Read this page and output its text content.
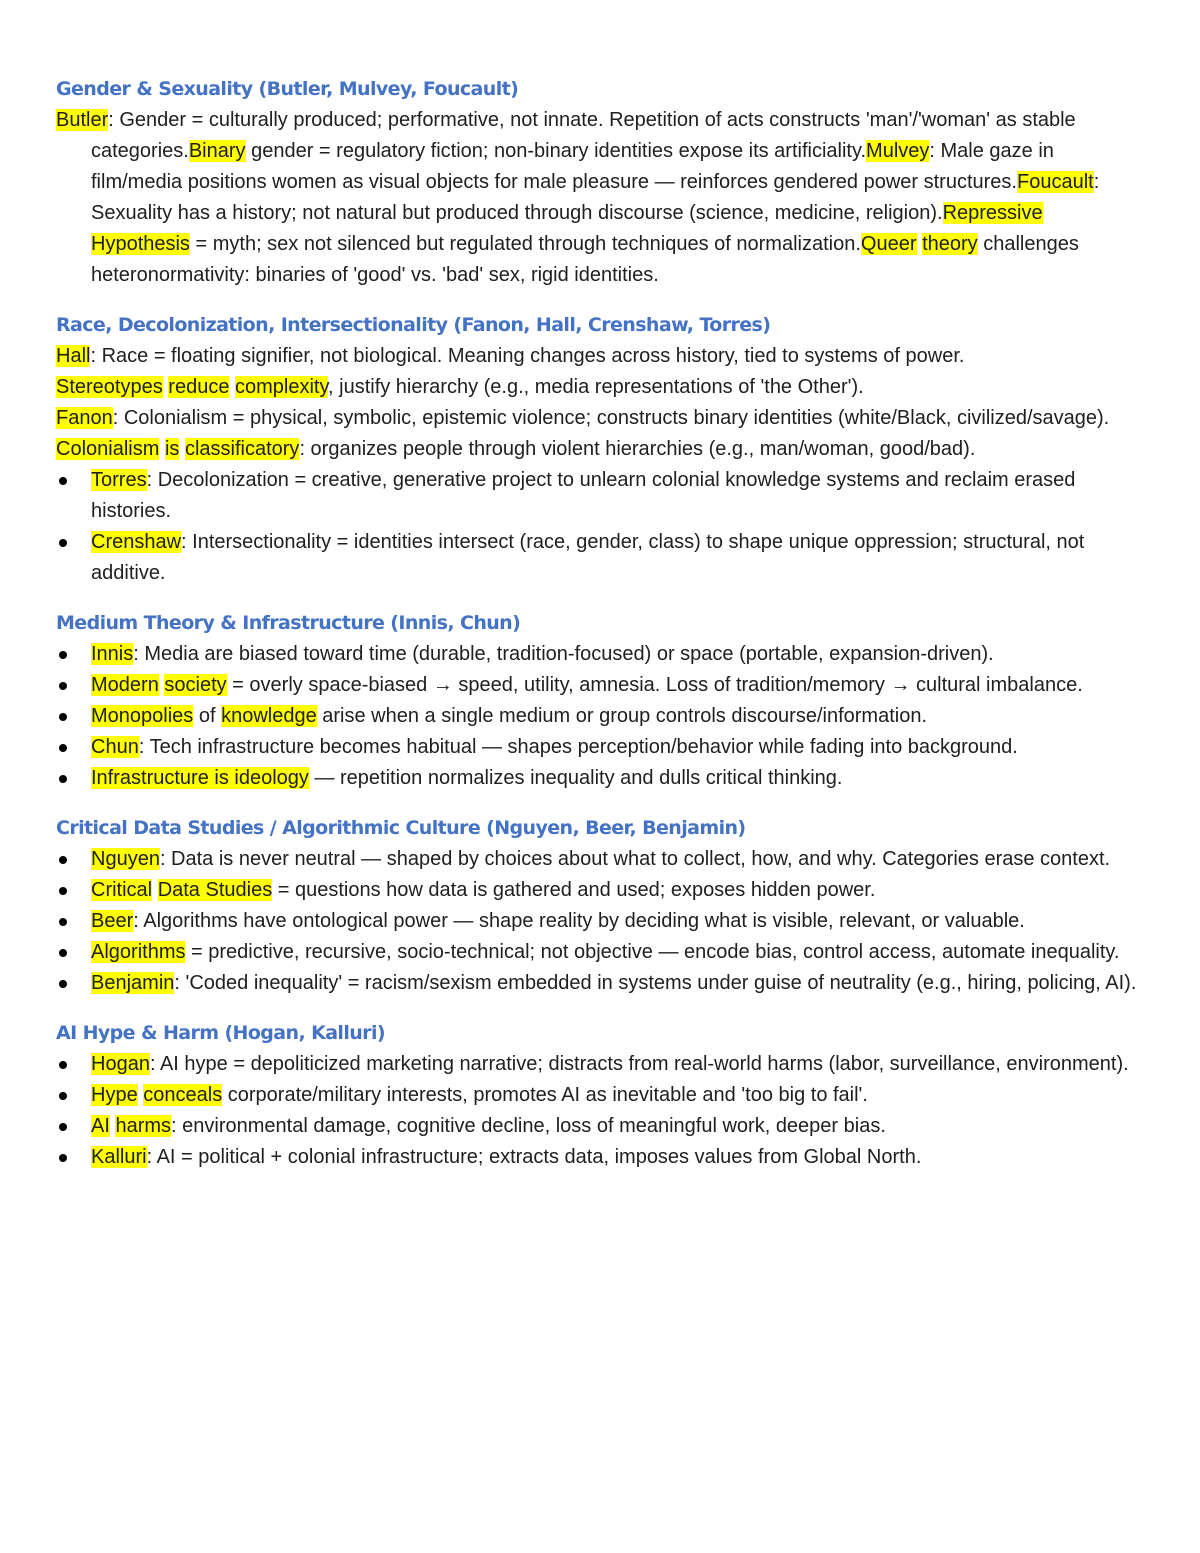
Gender & Sexuality (Butler, Mulvey, Foucault)

Butler: Gender = culturally produced; performative, not innate. Repetition of acts constructs 'man'/'woman' as stable categories.Binary gender = regulatory fiction; non-binary identities expose its artificiality.Mulvey: Male gaze in film/media positions women as visual objects for male pleasure — reinforces gendered power structures.Foucault: Sexuality has a history; not natural but produced through discourse (science, medicine, religion).Repressive Hypothesis = myth; sex not silenced but regulated through techniques of normalization.Queer theory challenges heteronormativity: binaries of 'good' vs. 'bad' sex, rigid identities.

Race, Decolonization, Intersectionality (Fanon, Hall, Crenshaw, Torres)

Hall: Race = floating signifier, not biological. Meaning changes across history, tied to systems of power.

Stereotypes reduce complexity, justify hierarchy (e.g., media representations of 'the Other').

Fanon: Colonialism = physical, symbolic, epistemic violence; constructs binary identities (white/Black, civilized/savage).

Colonialism is classificatory: organizes people through violent hierarchies (e.g., man/woman, good/bad).

Torres: Decolonization = creative, generative project to unlearn colonial knowledge systems and reclaim erased histories.
Crenshaw: Intersectionality = identities intersect (race, gender, class) to shape unique oppression; structural, not additive.
Medium Theory & Infrastructure (Innis, Chun)
Innis: Media are biased toward time (durable, tradition-focused) or space (portable, expansion-driven).
Modern society = overly space-biased → speed, utility, amnesia. Loss of tradition/memory → cultural imbalance.
Monopolies of knowledge arise when a single medium or group controls discourse/information.
Chun: Tech infrastructure becomes habitual — shapes perception/behavior while fading into background.
Infrastructure is ideology — repetition normalizes inequality and dulls critical thinking.
Critical Data Studies / Algorithmic Culture (Nguyen, Beer, Benjamin)
Nguyen: Data is never neutral — shaped by choices about what to collect, how, and why. Categories erase context.
Critical Data Studies = questions how data is gathered and used; exposes hidden power.
Beer: Algorithms have ontological power — shape reality by deciding what is visible, relevant, or valuable.
Algorithms = predictive, recursive, socio-technical; not objective — encode bias, control access, automate inequality.
Benjamin: 'Coded inequality' = racism/sexism embedded in systems under guise of neutrality (e.g., hiring, policing, AI).
AI Hype & Harm (Hogan, Kalluri)
Hogan: AI hype = depoliticized marketing narrative; distracts from real-world harms (labor, surveillance, environment).
Hype conceals corporate/military interests, promotes AI as inevitable and 'too big to fail'.
AI harms: environmental damage, cognitive decline, loss of meaningful work, deeper bias.
Kalluri: AI = political + colonial infrastructure; extracts data, imposes values from Global North.
